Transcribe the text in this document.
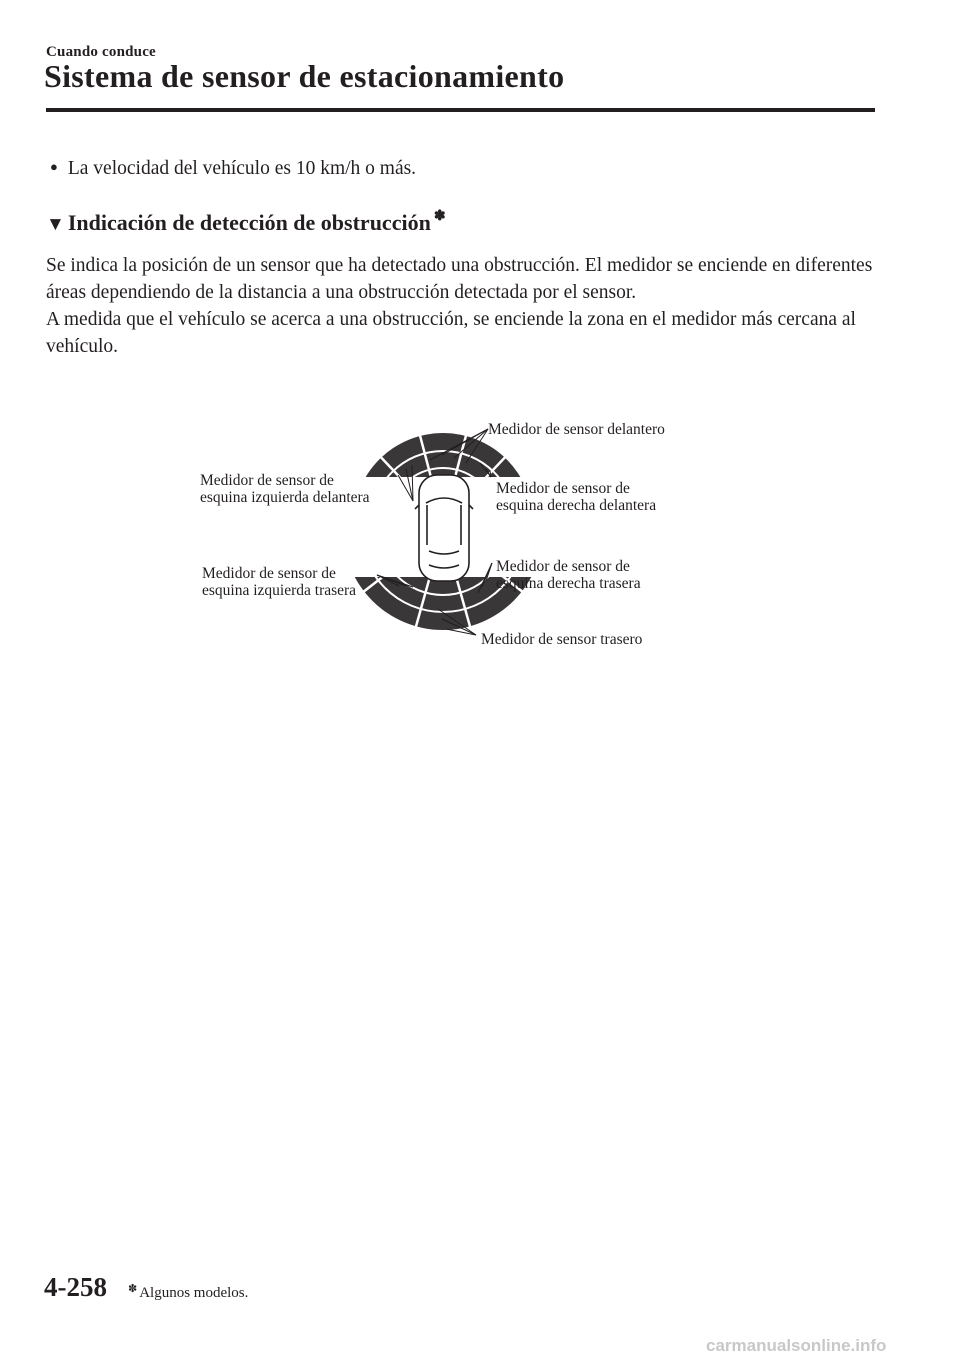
Cuando conduce
Sistema de sensor de estacionamiento
● La velocidad del vehículo es 10 km/h o más.
▼ Indicación de detección de obstrucción ✽
Se indica la posición de un sensor que ha detectado una obstrucción. El medidor se enciende en diferentes áreas dependiendo de la distancia a una obstrucción detectada por el sensor.
A medida que el vehículo se acerca a una obstrucción, se enciende la zona en el medidor más cercana al vehículo.
Medidor de sensor delantero
Medidor de sensor de
esquina izquierda delantera
Medidor de sensor de
esquina derecha delantera
Medidor de sensor de
esquina izquierda trasera
Medidor de sensor de
esquina derecha trasera
Medidor de sensor trasero
4-258 ✽ Algunos modelos.
carmanualsonline.info
